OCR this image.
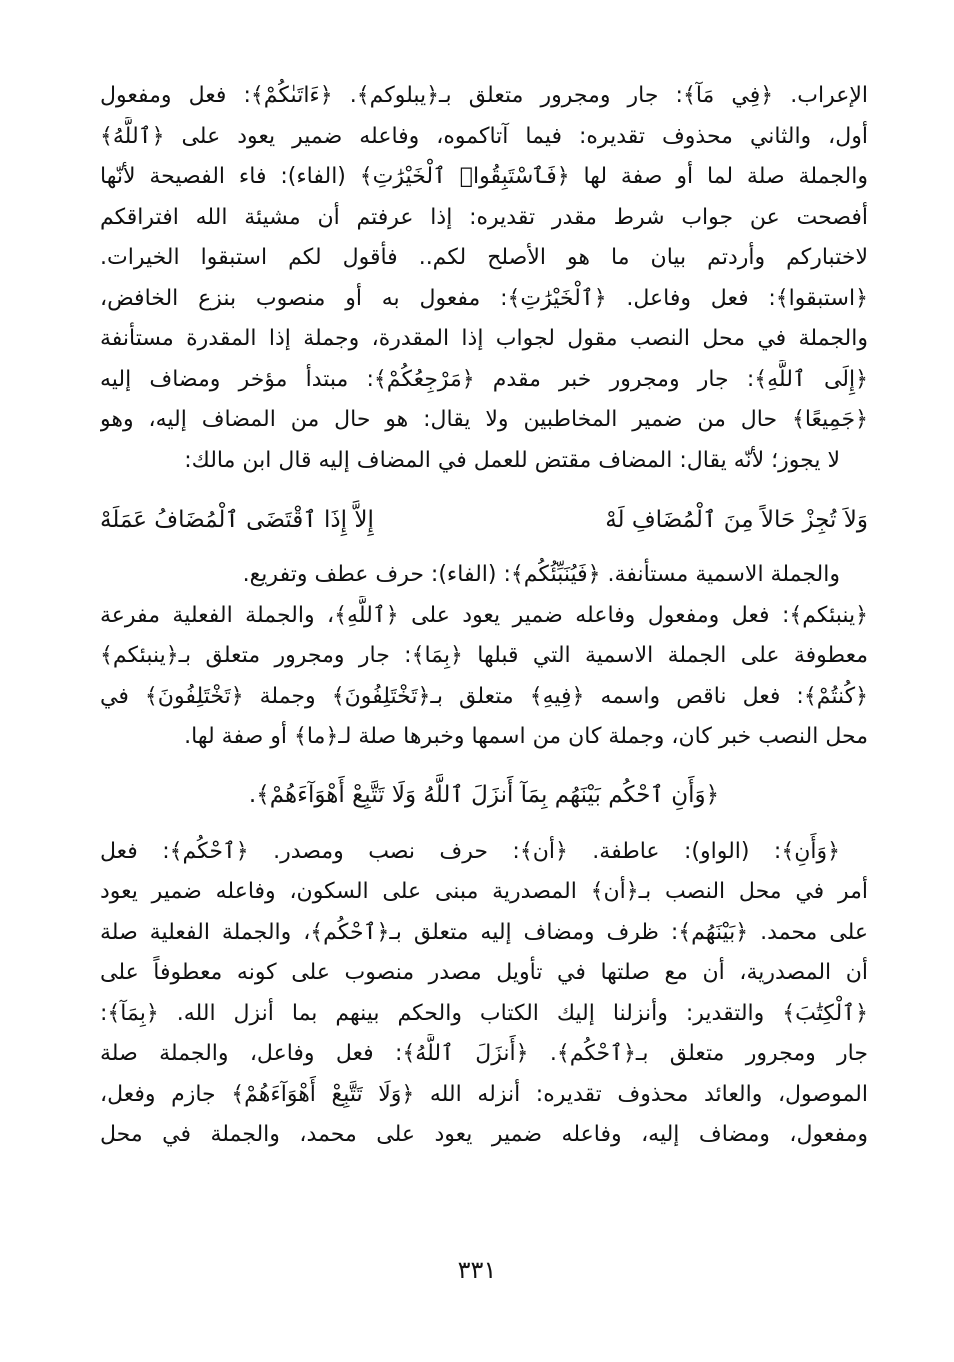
الإعراب. ﴿فِي مَآ﴾: جار ومجرور متعلق بـ﴿يبلوكم﴾. ﴿ءَاتَىٰكُمْ﴾: فعل ومفعول
أول، والثاني محذوف تقديره: فيما آتاكموه، وفاعله ضمير يعود على ﴿ٱللَّهُ﴾
والجملة صلة لما أو صفة لها ﴿فَٱسْتَبِقُوا۟ ٱلْخَيْرَٰتِ﴾ (الفاء): فاء الفصيحة لأنّها
أفصحت عن جواب شرط مقدر تقديره: إذا عرفتم أن مشيئة الله افتراقكم
لاختباركم وأردتم بيان ما هو الأصلح لكم.. فأقول لكم استبقوا الخيرات.
﴿استبقوا﴾: فعل وفاعل. ﴿ٱلْخَيْرَٰتِ﴾: مفعول به أو منصوب بنزع الخافض،
والجملة في محل النصب مقول لجواب إذا المقدرة، وجملة إذا المقدرة مستأنفة
﴿إِلَى ٱللَّهِ﴾: جار ومجرور خبر مقدم ﴿مَرْجِعُكُمْ﴾: مبتدأ مؤخر ومضاف إليه
﴿جَمِيعًا﴾ حال من ضمير المخاطبين ولا يقال: هو حال من المضاف إليه، وهو
لا يجوز؛ لأنّه يقال: المضاف مقتض للعمل في المضاف إليه قال ابن مالك:
وَلاَ تُجِزْ حَالاً مِنَ ٱلْمُضَافِ لَهْ
إِلاَّ إِذَا ٱقْتَضَى ٱلْمُضَافُ عَمَلَهْ
والجملة الاسمية مستأنفة. ﴿فَيُنَبِّئُكُم﴾: (الفاء): حرف عطف وتفريع.
﴿ينبئكم﴾: فعل ومفعول وفاعله ضمير يعود على ﴿ٱللَّهِ﴾، والجملة الفعلية مفرعة
معطوفة على الجملة الاسمية التي قبلها ﴿بِمَا﴾: جار ومجرور متعلق بـ﴿ينبئكم﴾
﴿كُنتُمْ﴾: فعل ناقص واسمه ﴿فِيهِ﴾ متعلق بـ﴿تَخْتَلِفُونَ﴾ وجملة ﴿تَخْتَلِفُونَ﴾ في
محل النصب خبر كان، وجملة كان من اسمها وخبرها صلة لـ﴿ما﴾ أو صفة لها.
﴿وَأَنِ ٱحْكُم بَيْنَهُم بِمَآ أَنزَلَ ٱللَّهُ وَلَا تَتَّبِعْ أَهْوَآءَهُمْ﴾.
﴿وَأَنِ﴾: (الواو): عاطفة. ﴿أن﴾: حرف نصب ومصدر. ﴿ٱحْكُم﴾: فعل
أمر في محل النصب بـ﴿أن﴾ المصدرية مبنى على السكون، وفاعله ضمير يعود
على محمد. ﴿بَيْنَهُم﴾: ظرف ومضاف إليه متعلق بـ﴿ٱحْكُم﴾، والجملة الفعلية صلة
أن المصدرية، أن مع صلتها في تأويل مصدر منصوب على كونه معطوفاً على
﴿ٱلْكِتَٰبَ﴾ والتقدير: وأنزلنا إليك الكتاب والحكم بينهم بما أنزل الله. ﴿بِمَآ﴾:
جار ومجرور متعلق بـ﴿ٱحْكُم﴾. ﴿أَنزَلَ ٱللَّهُ﴾: فعل وفاعل، والجملة صلة
الموصول، والعائد محذوف تقديره: أنزله الله ﴿وَلَا تَتَّبِعْ أَهْوَآءَهُمْ﴾ جازم وفعل،
ومفعول، ومضاف إليه، وفاعله ضمير يعود على محمد، والجملة في محل
٣٣١
